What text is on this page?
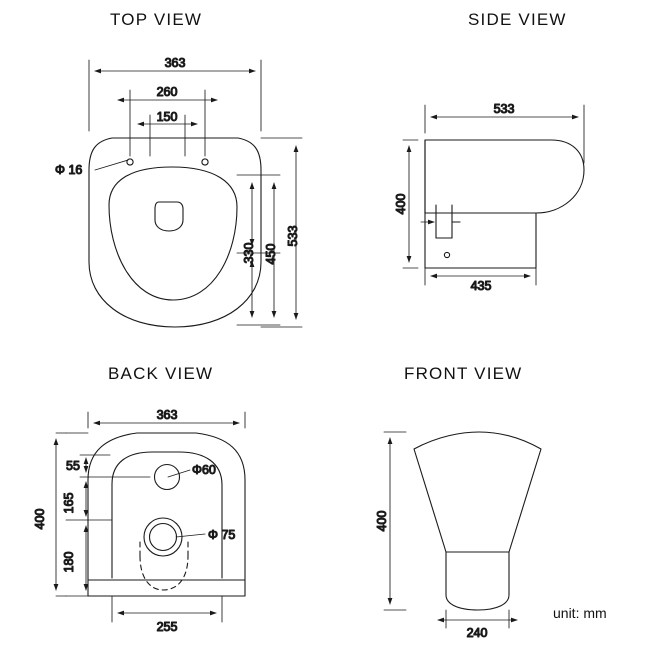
TOP VIEW	SIDE VIEW
BACK VIEW	FRONT VIEW
unit: mm
363
260
150
Φ 16
533
450
330
533
400
435
363
55
165
180
400
Φ60
Φ 75
255
400
240
